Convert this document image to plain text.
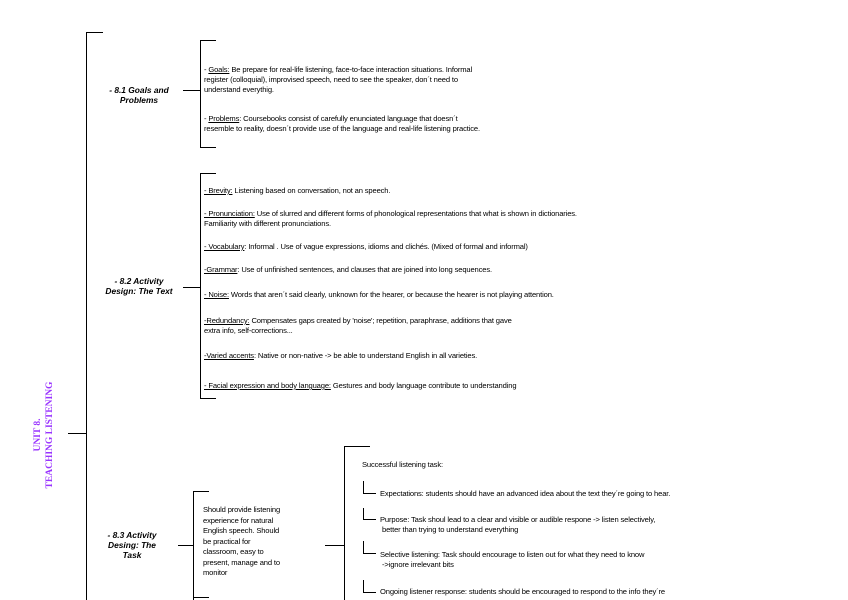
UNIT 8. TEACHING LISTENING
- 8.1 Goals and
Problems
- Goals: Be prepare for real-life listening, face-to-face interaction situations. Informal
register (colloquial), improvised speech, need to see the speaker, don´t need to
understand everythig.
- Problems: Coursebooks consist of carefully enunciated language that doesn´t
resemble to reality, doesn´t provide use of the language and real-life listening practice.
- 8.2 Activity
Design: The Text
- Brevity: Listening based on conversation, not an speech.
- Pronunciation: Use of slurred and different forms of phonological representations that what is shown in dictionaries.
Familiarity with different pronunciations.
- Vocabulary: Informal . Use of vague expressions, idioms and clichés. (Mixed of formal and informal)
-Grammar: Use of unfinished sentences, and clauses that are joined into long sequences.
- Noise: Words that aren´t said clearly, unknown for the hearer, or because the hearer is not playing attention.
-Redundancy: Compensates gaps created by 'noise'; repetition, paraphrase, additions that gave
extra info, self-corrections...
-Varied accents: Native or non-native -> be able to understand English in all varieties.
- Facial expression and body language: Gestures and body language contribute to understanding
- 8.3 Activity
Desing: The
Task
Should provide listening
experience for natural
English speech. Should
be practical for
classroom, easy to
present, manage and to
monitor
Successful listening task:
Expectations: students should have an advanced idea about the text they´re going to hear.
Purpose: Task shoul lead to a clear and visible or audible respone -> listen selectively,
better than trying to understand everything
Selective listening: Task should encourage to listen out for what they need to know
->ignore irrelevant bits
Ongoing listener response: students should be encouraged to respond to the info they´re
